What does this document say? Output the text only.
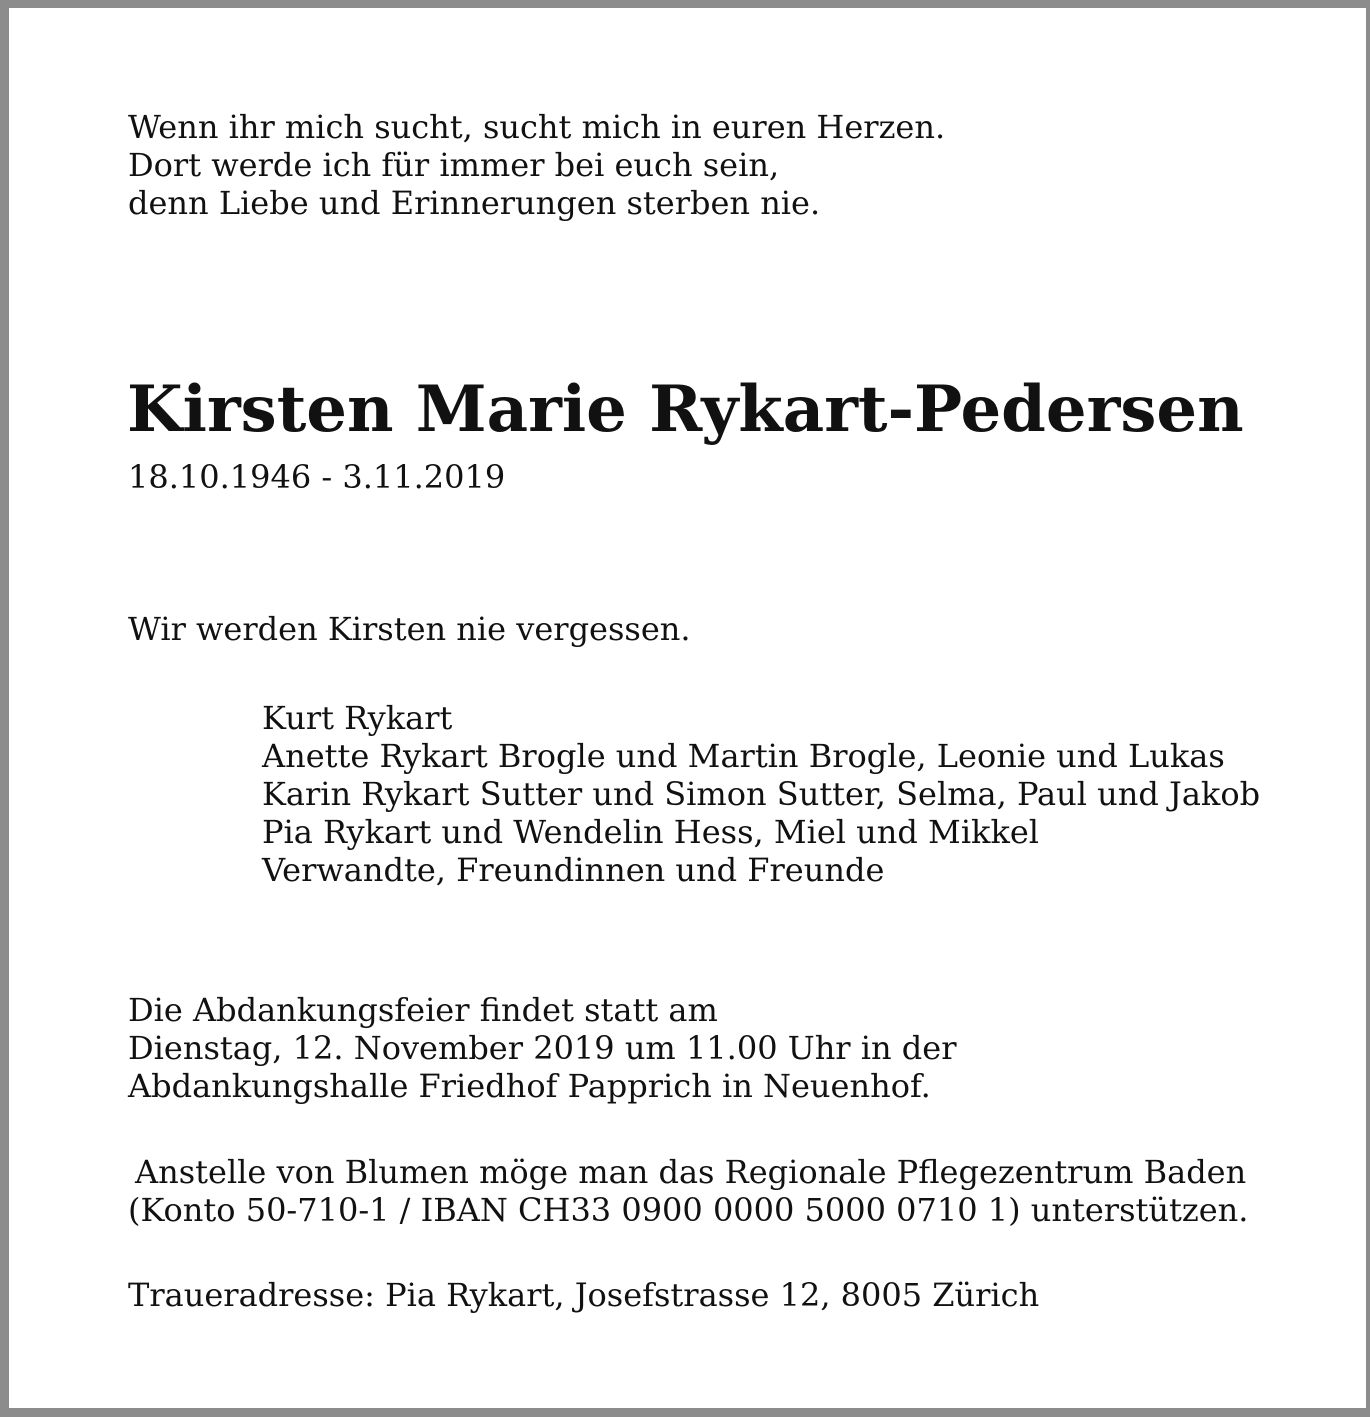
Wenn ihr mich sucht, sucht mich in euren Herzen.
Dort werde ich für immer bei euch sein,
denn Liebe und Erinnerungen sterben nie.
Kirsten Marie Rykart-Pedersen
18.10.1946 - 3.11.2019
Wir werden Kirsten nie vergessen.
Kurt Rykart
Anette Rykart Brogle und Martin Brogle, Leonie und Lukas
Karin Rykart Sutter und Simon Sutter, Selma, Paul und Jakob
Pia Rykart und Wendelin Hess, Miel und Mikkel
Verwandte, Freundinnen und Freunde
Die Abdankungsfeier findet statt am
Dienstag, 12. November 2019 um 11.00 Uhr in der
Abdankungshalle Friedhof Papprich in Neuenhof.
Anstelle von Blumen möge man das Regionale Pflegezentrum Baden
(Konto 50-710-1 / IBAN CH33 0900 0000 5000 0710 1) unterstützen.
Traueradresse: Pia Rykart, Josefstrasse 12, 8005 Zürich
